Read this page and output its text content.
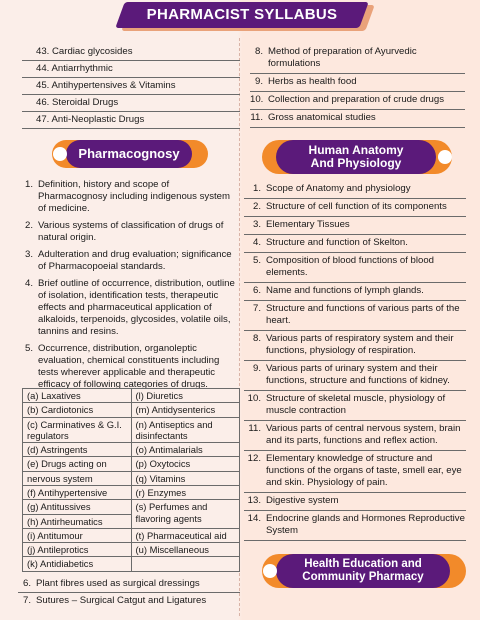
PHARMACIST SYLLABUS
43. Cardiac glycosides
44. Antiarrhythmic
45. Antihypertensives & Vitamins
46. Steroidal Drugs
47. Anti-Neoplastic Drugs
Pharmacognosy
1. Definition, history and scope of Pharmacognosy including indigenous system of medicine.
2. Various systems of classification of drugs of natural origin.
3. Adulteration and drug evaluation; significance of Pharmacopoeial standards.
4. Brief outline of occurrence, distribution, outline of isolation, identification tests, therapeutic effects and pharmaceutical application of alkaloids, terpenoids, glycosides, volatile oils, tannins and resins.
5. Occurrence, distribution, organoleptic evaluation, chemical constituents including tests wherever applicable and therapeutic efficacy of following categories of drugs.
(a) Laxatives	(l) Diuretics
(b) Cardiotonics	(m) Antidysenterics
(c) Carminatives & G.I. regulators	(n) Antiseptics and disinfectants
(d) Astringents	(o) Antimalarials
(e) Drugs acting on	(p) Oxytocics
nervous system	(q) Vitamins
(f) Antihypertensive	(r) Enzymes
(g) Antitussives	(s) Perfumes and flavoring agents
(h) Antirheumatics	
(i) Antitumour	(t) Pharmaceutical aid
(j) Antileprotics	(u) Miscellaneous
(k) Antidiabetics	
6. Plant fibres used as surgical dressings
7. Sutures – Surgical Catgut and Ligatures
8. Method of preparation of Ayurvedic formulations
9. Herbs as health food
10. Collection and preparation of crude drugs
11. Gross anatomical studies
Human Anatomy
And Physiology
1. Scope of Anatomy and physiology
2. Structure of cell function of its components
3. Elementary Tissues
4. Structure and function of Skelton.
5. Composition of blood functions of blood elements.
6. Name and functions of lymph glands.
7. Structure and functions of various parts of the heart.
8. Various parts of respiratory system and their functions, physiology of respiration.
9. Various parts of urinary system and their functions, structure and functions of kidney.
10. Structure of skeletal muscle, physiology of muscle contraction
11. Various parts of central nervous system, brain and its parts, functions and reflex action.
12. Elementary knowledge of structure and functions of the organs of taste, smell ear, eye and skin. Physiology of pain.
13. Digestive system
14. Endocrine glands and Hormones Reproductive System
Health Education and
Community Pharmacy
